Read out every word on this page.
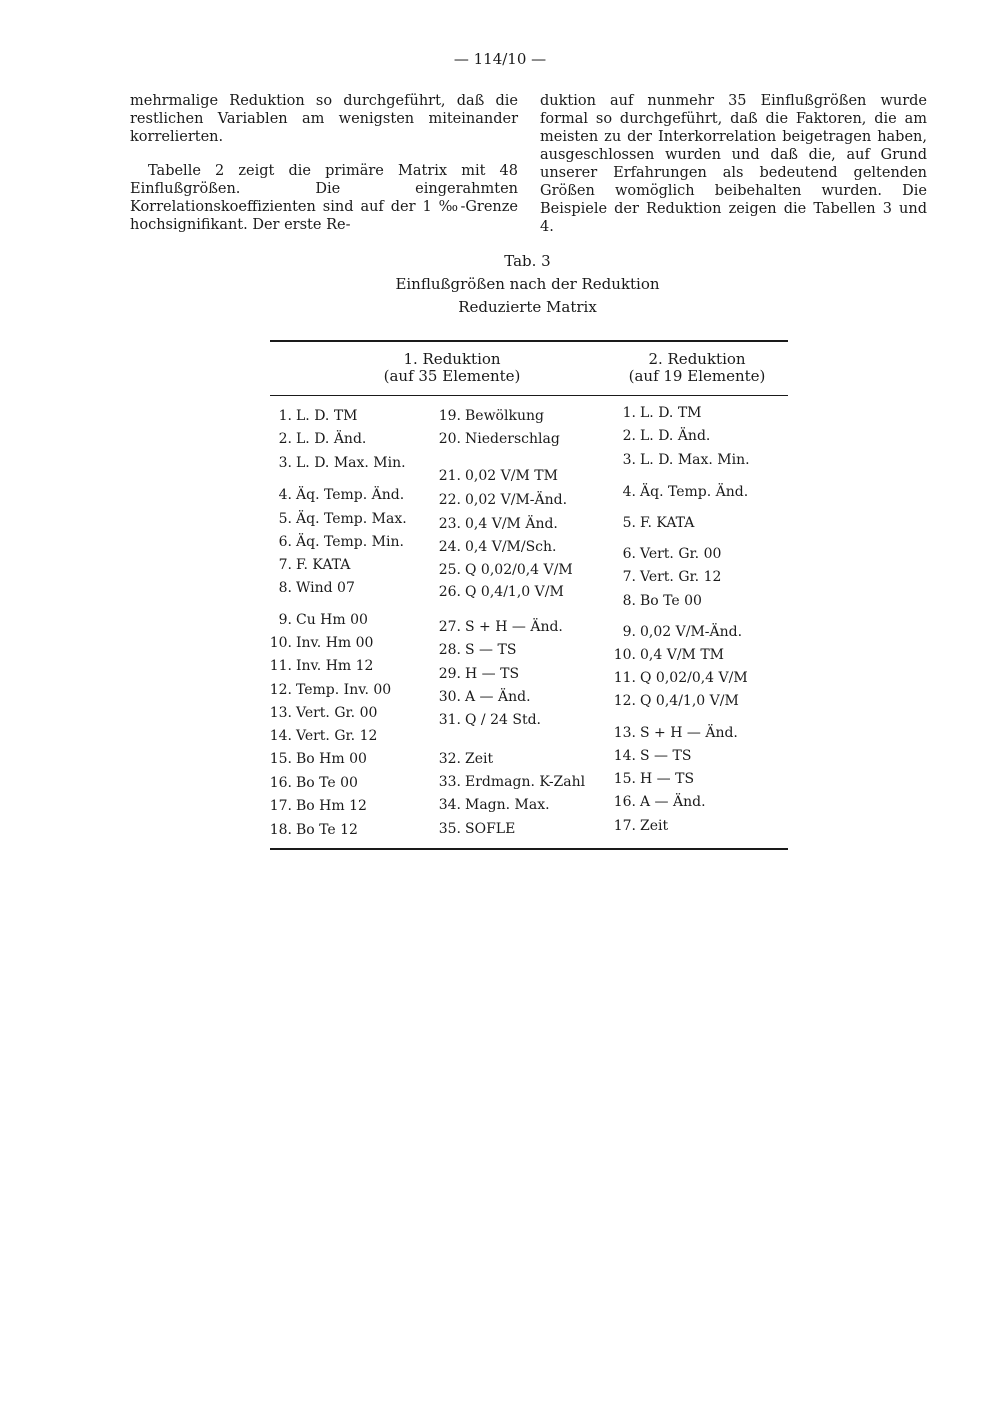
— 114/10 —

mehrmalige Reduktion so durchgeführt, daß die restlichen Variablen am wenigsten miteinander korrelierten.

Tabelle 2 zeigt die primäre Matrix mit 48 Einflußgrößen. Die eingerahmten Korrelationskoeffizienten sind auf der 1 ‰-Grenze hochsignifikant. Der erste Re-

duktion auf nunmehr 35 Einflußgrößen wurde formal so durchgeführt, daß die Faktoren, die am meisten zu der Interkorrelation beigetragen haben, ausgeschlossen wurden und daß die, auf Grund unserer Erfahrungen als bedeutend geltenden Größen womöglich beibehalten wurden. Die Beispiele der Reduktion zeigen die Tabellen 3 und 4.

Tab. 3
Einflußgrößen nach der Reduktion
Reduzierte Matrix
1. Reduktion
(auf 35 Elemente)
2. Reduktion
(auf 19 Elemente)
1. L. D. TM
2. L. D. Änd.
3. L. D. Max. Min.
4. Äq. Temp. Änd.
5. Äq. Temp. Max.
6. Äq. Temp. Min.
7. F. KATA
8. Wind 07
9. Cu Hm 00
10. Inv. Hm 00
11. Inv. Hm 12
12. Temp. Inv. 00
13. Vert. Gr. 00
14. Vert. Gr. 12
15. Bo Hm 00
16. Bo Te 00
17. Bo Hm 12
18. Bo Te 12
19. Bewölkung
20. Niederschlag
21. 0,02 V/M TM
22. 0,02 V/M-Änd.
23. 0,4 V/M Änd.
24. 0,4 V/M/Sch.
25. Q 0,02/0,4 V/M
26. Q 0,4/1,0 V/M
27. S + H — Änd.
28. S — TS
29. H — TS
30. A — Änd.
31. Q / 24 Std.
32. Zeit
33. Erdmagn. K-Zahl
34. Magn. Max.
35. SOFLE
1. L. D. TM
2. L. D. Änd.
3. L. D. Max. Min.
4. Äq. Temp. Änd.
5. F. KATA
6. Vert. Gr. 00
7. Vert. Gr. 12
8. Bo Te 00
9. 0,02 V/M-Änd.
10. 0,4 V/M TM
11. Q 0,02/0,4 V/M
12. Q 0,4/1,0 V/M
13. S + H — Änd.
14. S — TS
15. H — TS
16. A — Änd.
17. Zeit
